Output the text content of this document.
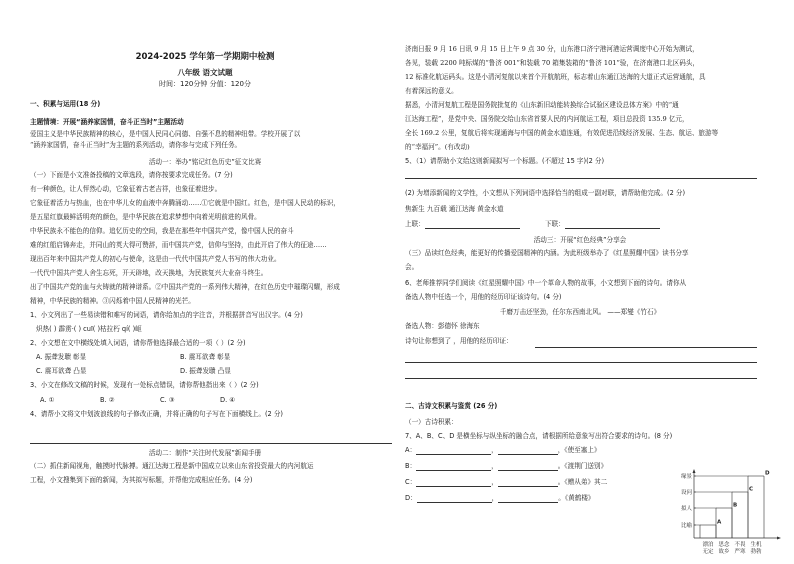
2024-2025 学年第一学期期中检测
八年级 语文试题
时间：120分钟 分值：120分
一、积累与运用(18 分)
主题情境：开展“涵养家国情，奋斗正当时”主题活动
爱国主义是中华民族精神的核心，是中国人民同心同德、自强不息的精神纽带。学校开展了以
“涵养家国情，奋斗正当时”为主题的系列活动，请你参与完成下列任务。
活动一：举办“铭记红色历史”征文比赛
（一）下面是小文准备投稿的文章选段，请你按要求完成任务。(7 分)
有一种颜色，让人怦然心动，它象征着古老吉祥，也象征着进步。
它象征着活力与热血，也在中华儿女的血液中奔腾涌动……①它就是中国红。红色，是中国人民动的标识，
是五星红旗最鲜活明亮的颜色，是中华民族在追求梦想中向着光明前进的风骨。
中华民族永不能色的信仰。追忆历史的空间，我是在那些年中国共产党，像中国人民的奋斗
难的红船启锦奔走，并同山的英大得可赞辞，而中国共产党，信仰与坚持，由此开启了伟大的征途……
现出百年来中国共产党人的初心与使命，这是由一代代中国共产党人书写的伟大功业。
一代代中国共产党人舍生忘死，开天辟地，改天换地，为民族复兴大业奋斗终生。
出了中国共产党的血与火铸就的精神谱系。②中国共产党的一系列伟大精神，在红色历史中璀璨闪耀，形成
精神，中华民族的精神。③闪烁着中国人民精神的光芒。
1、小文列出了一些易读错和难写的词语，请你给加点的字注音，并根据拼音写出汉字。(4 分)
炽热( ) 霹雳·( ) cuī( )枯拉朽 qí( )岖
2、小文想在文中横线处填入词语，请你帮他选择最合适的一项（ ）(2 分)
A. 振聋发聩 彰显	B. 震耳欲聋 彰显
C. 震耳欲聋 凸显	D. 振聋发聩 凸显
3、小文在修改文稿的时候，发现有一处标点错误，请你帮他指出来（ ）(2 分)
A. ①	B. ②	C. ③	D. ④
4、请帮小文将文中划波浪线的句子修改正确，并将正确的句子写在下面横线上。(2 分)
活动二：制作“关注时代发展”新闻手册
（二）抓住新闻视角，触摸时代脉搏。通江达海工程是新中国成立以来山东省投资最大的内河航运
工程，小文搜集到下面的新闻，为其拟写标题，并帮他完成相应任务。(4 分)
济南日报 9 月 16 日讯 9 月 15 日上午 9 点 30 分，山东港口济宁港河港运营调度中心开始为测试，
各见，装载 2200 吨标煤的“鲁济 001”和装载 70 箱集装箱的“鲁济 101”验，在济南港口北区码头，
12 标准化航运码头。这是小清河复航以来首个开航航班，标志着山东通江达海的大道正式运营通航，具
有着深远的意义。
据悉，小清河复航工程是国务院批复的《山东新旧动能转换综合试验区建设总体方案》中的“通
江达海工程”，是党中央、国务院交给山东省首要人民的内河航运工程，项目总投资 135.9 亿元，
全长 169.2 公里，复航后将实现通海与中国的黄金水道连通，有效促进沿线经济发展、生态、航运、旅游等
的“幸福河”。(有改动)
5、（1）请帮助小文给这则新闻拟写一个标题。(不超过 15 字)(2 分)
(2) 为增添新闻的文学性，小文想从下列词语中选择恰当的组成一副对联，请帮助他完成。(2 分)
焦新生 九百载 通江达海 黄金水道
上联：	下联：
活动三：开展“红色经典”分享会
（三）品读红色经典，能更好的传播爱国精神的内涵。为此班级举办了《红星照耀中国》读书分享
会。
6、老师推荐同学们阅读《红星照耀中国》中一个革命人物的故事，小文想到下面的诗句。请你从
备选人物中任选一个，用他的经历印证该诗句。(4 分)
千磨万击还坚劲，任尔东西南北风。 ——郑燮《竹石》
备选人物：彭德怀 徐海东
诗句让你想到了 ，用他的经历印证：
二、古诗文积累与鉴赏 (26 分)
（一）古诗积累：
7、A、B、C、D 是横坐标与纵坐标的融合点，请根据所给意象写出符合要求的诗句。(8 分)
A：	，	，《使至塞上》
B：	，	。《渡荆门送别》
C：	，	。《赠从弟》其二
D：	，	。《黄鹤楼》
比喻
拟人
设问
缘景
漂泊
无定
思念
故乡
不畏
严寒
生机
勃勃
A
B
C
D
